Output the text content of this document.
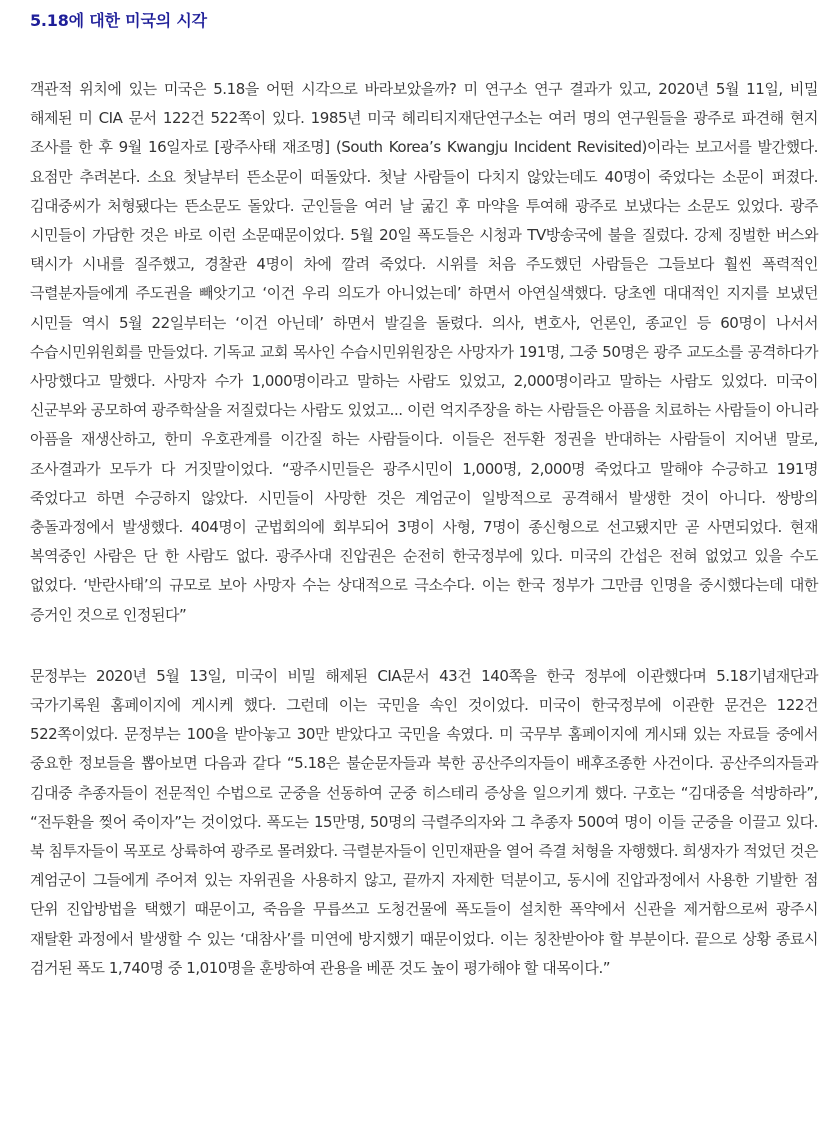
5.18에 대한 미국의 시각

객관적 위치에 있는 미국은 5.18을 어떤 시각으로 바라보았을까? 미 연구소 연구 결과가 있고, 2020년 5월 11일, 비밀 해제된 미 CIA 문서 122건 522쪽이 있다. 1985년 미국 헤리티지재단연구소는 여러 명의 연구원들을 광주로 파견해 현지 조사를 한 후 9월 16일자로 [광주사태 재조명] (South Korea’s Kwangju Incident Revisited)이라는 보고서를 발간했다. 요점만 추려본다. 소요 첫날부터 뜬소문이 떠돌았다. 첫날 사람들이 다치지 않았는데도 40명이 죽었다는 소문이 퍼졌다. 김대중씨가 처형됐다는 뜬소문도 돌았다. 군인들을 여러 날 굶긴 후 마약을 투여해 광주로 보냈다는 소문도 있었다. 광주 시민들이 가담한 것은 바로 이런 소문때문이었다. 5월 20일 폭도들은 시청과 TV방송국에 불을 질렀다. 강제 징벌한 버스와 택시가 시내를 질주했고, 경찰관 4명이 차에 깔려 죽었다. 시위를 처음 주도했던 사람들은 그들보다 훨씬 폭력적인 극렬분자들에게 주도권을 빼앗기고 ‘이건 우리 의도가 아니었는데’ 하면서 아연실색했다. 당초엔 대대적인 지지를 보냈던 시민들 역시 5월 22일부터는 ‘이건 아닌데’ 하면서 발길을 돌렸다. 의사, 변호사, 언론인, 종교인 등 60명이 나서서 수습시민위원회를 만들었다. 기독교 교회 목사인 수습시민위원장은 사망자가 191명, 그중 50명은 광주 교도소를 공격하다가 사망했다고 말했다. 사망자 수가 1,000명이라고 말하는 사람도 있었고, 2,000명이라고 말하는 사람도 있었다. 미국이 신군부와 공모하여 광주학살을 저질렀다는 사람도 있었고... 이런 억지주장을 하는 사람들은 아픔을 치료하는 사람들이 아니라 아픔을 재생산하고, 한미 우호관계를 이간질 하는 사람들이다. 이들은 전두환 정권을 반대하는 사람들이 지어낸 말로, 조사결과가 모두가 다 거짓말이었다. “광주시민들은 광주시민이 1,000명, 2,000명 죽었다고 말해야 수긍하고 191명 죽었다고 하면 수긍하지 않았다. 시민들이 사망한 것은 계엄군이 일방적으로 공격해서 발생한 것이 아니다. 쌍방의 충돌과정에서 발생했다. 404명이 군법회의에 회부되어 3명이 사형, 7명이 종신형으로 선고됐지만 곧 사면되었다. 현재 복역중인 사람은 단 한 사람도 없다. 광주사대 진압권은 순전히 한국정부에 있다. 미국의 간섭은 전혀 없었고 있을 수도 없었다. ‘반란사태’의 규모로 보아 사망자 수는 상대적으로 극소수다. 이는 한국 정부가 그만큼 인명을 중시했다는데 대한 증거인 것으로 인정된다”

문정부는 2020년 5월 13일, 미국이 비밀 해제된 CIA문서 43건 140쪽을 한국 정부에 이관했다며 5.18기념재단과 국가기록원 홈페이지에 게시케 했다. 그런데 이는 국민을 속인 것이었다. 미국이 한국정부에 이관한 문건은 122건 522쪽이었다. 문정부는 100을 받아놓고 30만 받았다고 국민을 속였다. 미 국무부 홈페이지에 게시돼 있는 자료들 중에서 중요한 정보들을 뽑아보면 다음과 같다 “5.18은 불순문자들과 북한 공산주의자들이 배후조종한 사건이다. 공산주의자들과 김대중 추종자들이 전문적인 수법으로 군중을 선동하여 군중 히스테리 증상을 일으키게 했다. 구호는 “김대중을 석방하라”, “전두환을 찢어 죽이자”는 것이었다. 폭도는 15만명, 50명의 극렬주의자와 그 추종자 500여 명이 이들 군중을 이끌고 있다. 북 침투자들이 목포로 상륙하여 광주로 몰려왔다. 극렬분자들이 인민재판을 열어 즉결 처형을 자행했다. 희생자가 적었던 것은 계엄군이 그들에게 주어져 있는 자위권을 사용하지 않고, 끝까지 자제한 덕분이고, 동시에 진압과정에서 사용한 기발한 점 단위 진압방법을 택했기 때문이고, 죽음을 무릅쓰고 도청건물에 폭도들이 설치한 폭약에서 신관을 제거함으로써 광주시 재탈환 과정에서 발생할 수 있는 ‘대참사’를 미연에 방지했기 때문이었다. 이는 칭찬받아야 할 부분이다. 끝으로 상황 종료시 검거된 폭도 1,740명 중 1,010명을 훈방하여 관용을 베푼 것도 높이 평가해야 할 대목이다.”
